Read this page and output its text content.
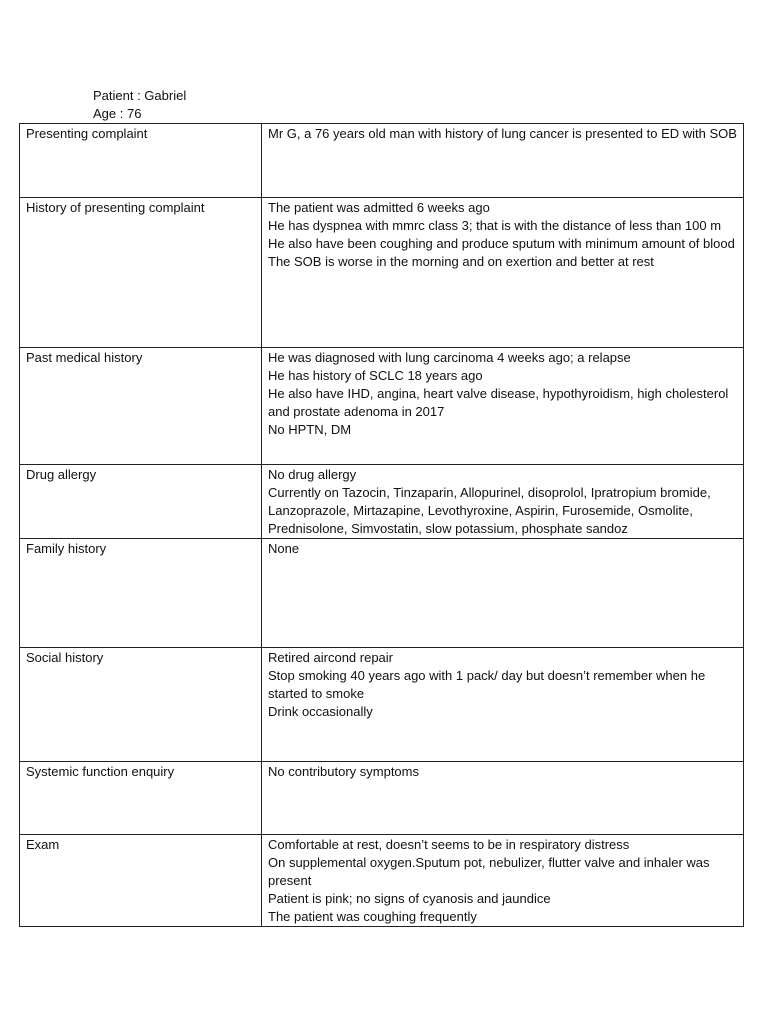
Patient : Gabriel
Age : 76
Presenting complaint	Mr G, a 76 years old man with history of lung cancer is presented to ED with SOB

History of presenting complaint	The patient was admitted 6 weeks ago
He has dyspnea with mmrc class 3; that is with the distance of less than 100 m
He also have been coughing and produce sputum with minimum amount of blood
The SOB is worse in the morning and on exertion and better at rest

Past medical history	He was diagnosed with lung carcinoma 4 weeks ago; a relapse
He has history of SCLC 18 years ago
He also have IHD, angina, heart valve disease, hypothyroidism, high cholesterol and prostate adenoma in 2017
No HPTN, DM

Drug allergy	No drug allergy
Currently on Tazocin, Tinzaparin, Allopurinel, disoprolol, Ipratropium bromide, Lanzoprazole, Mirtazapine, Levothyroxine, Aspirin, Furosemide, Osmolite, Prednisolone, Simvostatin, slow potassium, phosphate sandoz

Family history	None

Social history	Retired aircond repair
Stop smoking 40 years ago with 1 pack/ day but doesn’t remember when he started to smoke
Drink occasionally

Systemic function enquiry	No contributory symptoms

Exam	Comfortable at rest, doesn’t seems to be in respiratory distress
On supplemental oxygen.Sputum pot, nebulizer, flutter valve and inhaler was present
Patient is pink; no signs of cyanosis and jaundice
The patient was coughing frequently
